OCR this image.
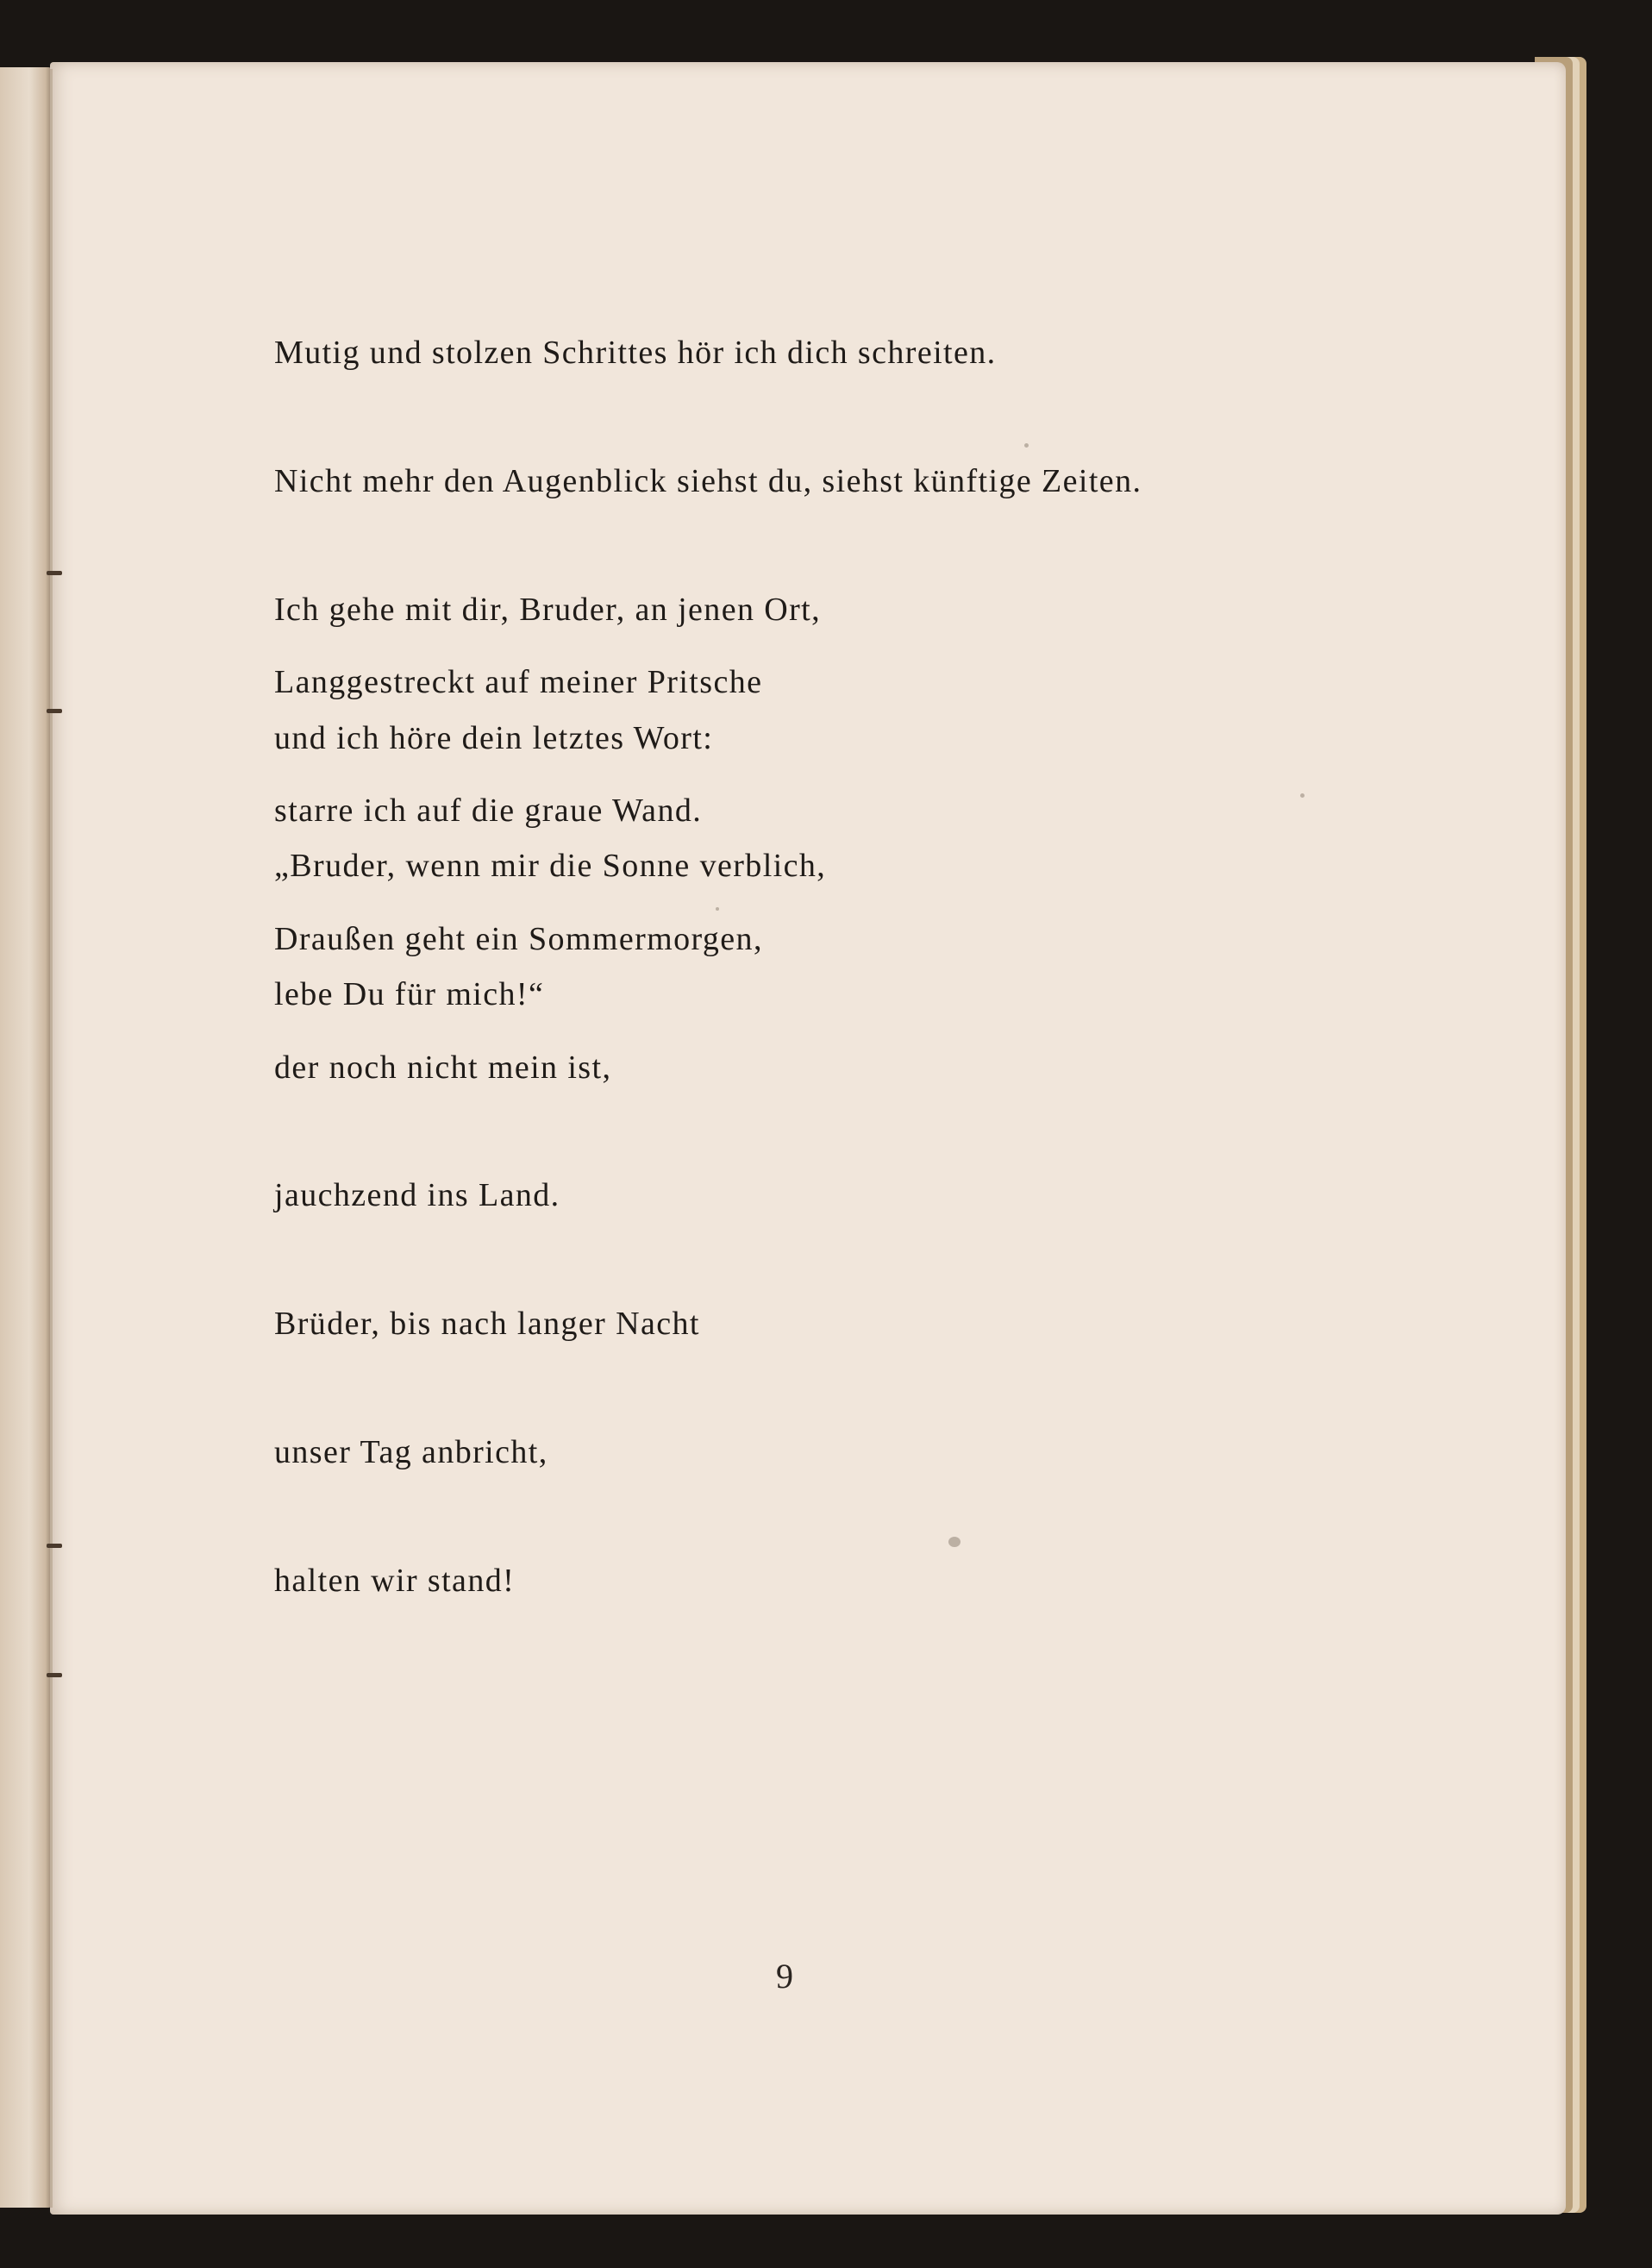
Mutig und stolzen Schrittes hör ich dich schreiten.

Nicht mehr den Augenblick siehst du, siehst künftige Zeiten.

Ich gehe mit dir, Bruder, an jenen Ort,

und ich höre dein letztes Wort:

„Bruder, wenn mir die Sonne verblich,

lebe Du für mich!“

Langgestreckt auf meiner Pritsche

starre ich auf die graue Wand.

Draußen geht ein Sommermorgen,

der noch nicht mein ist,

jauchzend ins Land.

Brüder, bis nach langer Nacht

unser Tag anbricht,

halten wir stand!

9
